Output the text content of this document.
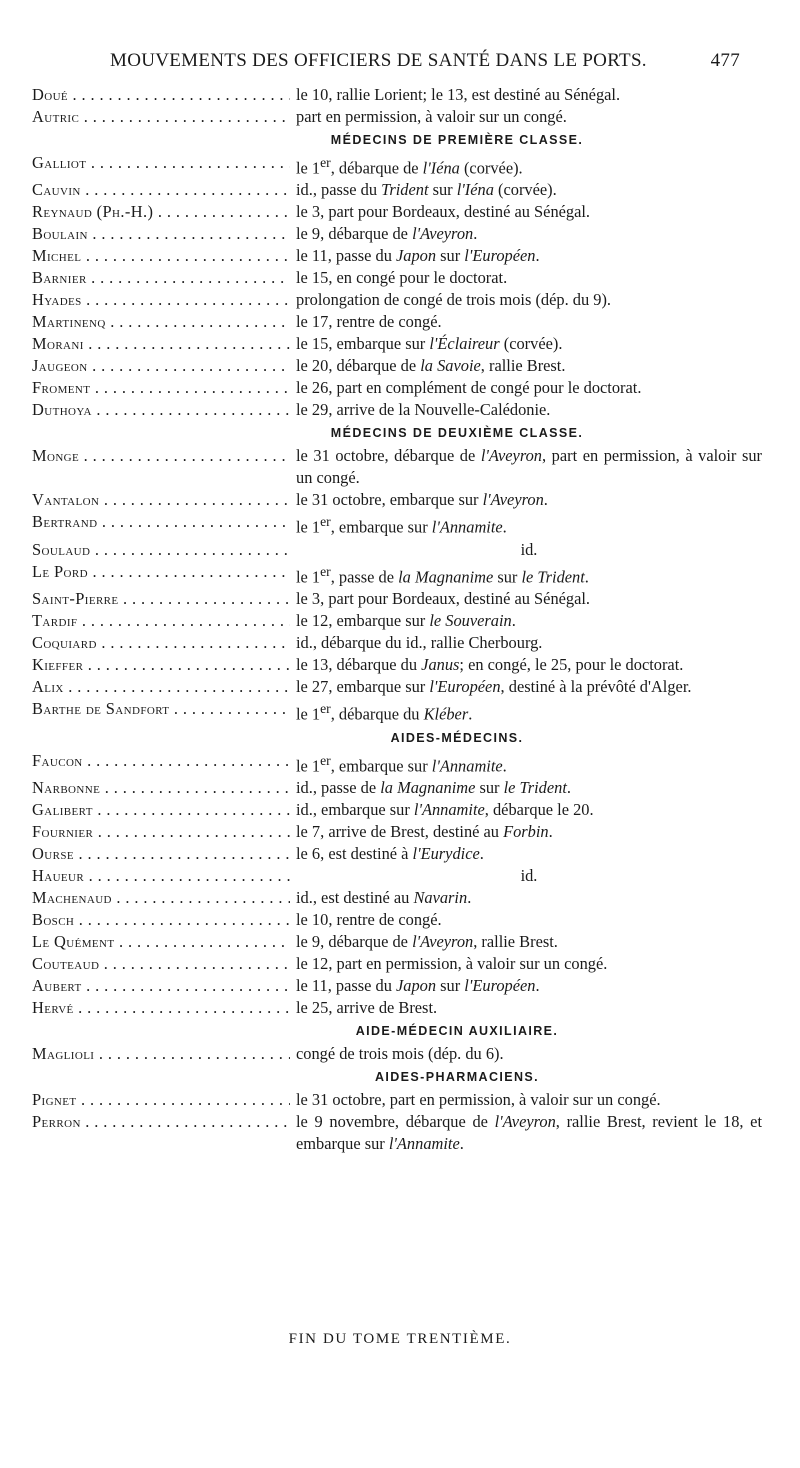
MOUVEMENTS DES OFFICIERS DE SANTÉ DANS LE PORTS.	477
Doué . . .	le 10, rallie Lorient; le 13, est destiné au Sénégal.
Autric . . .	part en permission, à valoir sur un congé.
MÉDECINS DE PREMIÈRE CLASSE.
Galliot . . .	le 1er, débarque de l'Iéna (corvée).
Cauvin . . .	id., passe du Trident sur l'Iéna (corvée).
Reynaud (Ph.-H.) . . .	le 3, part pour Bordeaux, destiné au Sénégal.
Boulain . . .	le 9, débarque de l'Aveyron.
Michel . . .	le 11, passe du Japon sur l'Européen.
Barnier . . .	le 15, en congé pour le doctorat.
Hyades . . .	prolongation de congé de trois mois (dép. du 9).
Martinenq . . .	le 17, rentre de congé.
Morani . . .	le 15, embarque sur l'Éclaireur (corvée).
Jaugeon . . .	le 20, débarque de la Savoie, rallie Brest.
Froment . . .	le 26, part en complément de congé pour le doctorat.
Duthoya . . .	le 29, arrive de la Nouvelle-Calédonie.
MÉDECINS DE DEUXIÈME CLASSE.
Monge . . .	le 31 octobre, débarque de l'Aveyron, part en permission, à valoir sur un congé.
Vantalon . . .	le 31 octobre, embarque sur l'Aveyron.
Bertrand . . .	le 1er, embarque sur l'Annamite.
Soulaud . . .	id.
Le Pord . . .	le 1er, passe de la Magnanime sur le Trident.
Saint-Pierre . . .	le 3, part pour Bordeaux, destiné au Sénégal.
Tardif . . .	le 12, embarque sur le Souverain.
Coquiard . . .	id., débarque du id., rallie Cherbourg.
Kieffer . . .	le 13, débarque du Janus; en congé, le 25, pour le doctorat.
Alix . . .	le 27, embarque sur l'Européen, destiné à la prévôté d'Alger.
Barthe de Sandfort . . .	le 1er, débarque du Kléber.
AIDES-MÉDECINS.
Faucon . . .	le 1er, embarque sur l'Annamite.
Narbonne . . .	id., passe de la Magnanime sur le Trident.
Galibert . . .	id., embarque sur l'Annamite, débarque le 20.
Fournier . . .	le 7, arrive de Brest, destiné au Forbin.
Ourse . . .	le 6, est destiné à l'Eurydice.
Haueur . . .	id.
Machenaud . . .	id., est destiné au Navarin.
Bosch . . .	le 10, rentre de congé.
Le Quément . . .	le 9, débarque de l'Aveyron, rallie Brest.
Couteaud . . .	le 12, part en permission, à valoir sur un congé.
Aubert . . .	le 11, passe du Japon sur l'Européen.
Hervé . . .	le 25, arrive de Brest.
AIDE-MÉDECIN AUXILIAIRE.
Maglioli . . .	congé de trois mois (dép. du 6).
AIDES-PHARMACIENS.
Pignet . . .	le 31 octobre, part en permission, à valoir sur un congé.
Perron . . .	le 9 novembre, débarque de l'Aveyron, rallie Brest, revient le 18, et embarque sur l'Annamite.
FIN DU TOME TRENTIÈME.
